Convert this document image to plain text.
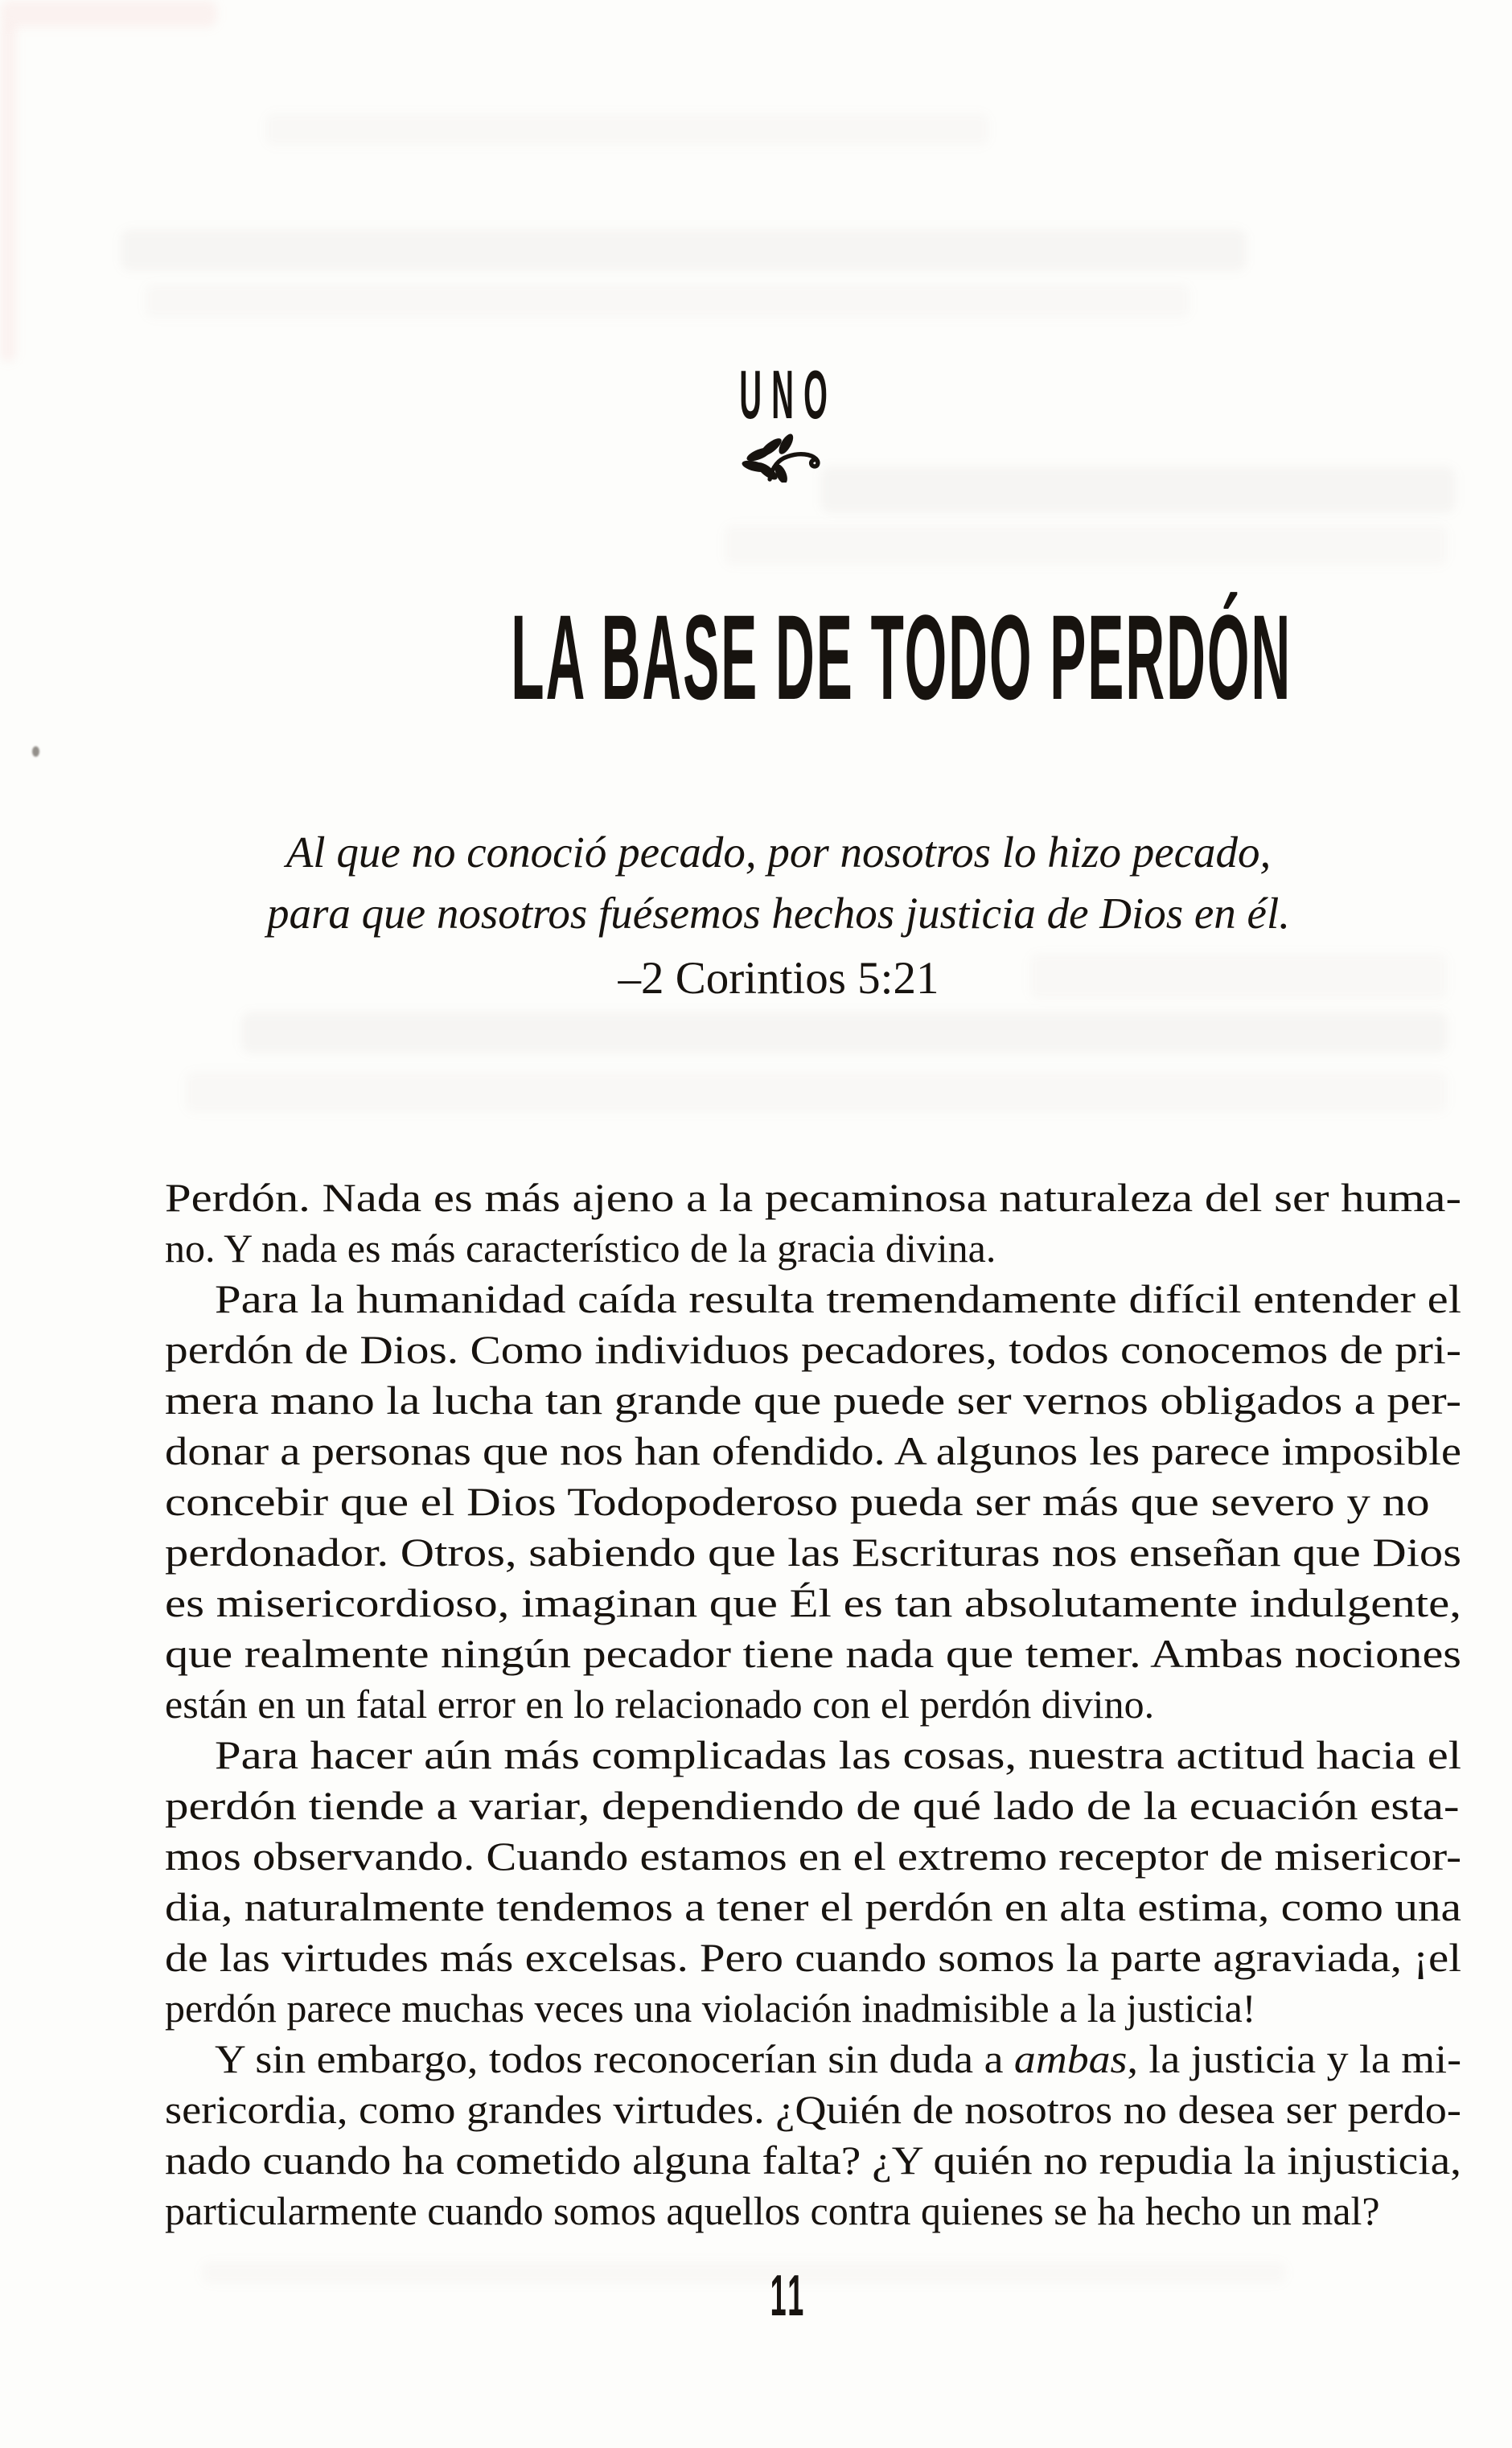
UNO
LA BASE DE TODO PERDÓN
Al que no conoció pecado, por nosotros lo hizo pecado,
para que nosotros fuésemos hechos justicia de Dios en él.
–2 Corintios 5:21
Perdón. Nada es más ajeno a la pecaminosa naturaleza del ser huma-
no. Y nada es más característico de la gracia divina.
Para la humanidad caída resulta tremendamente difícil entender el
perdón de Dios. Como individuos pecadores, todos conocemos de pri-
mera mano la lucha tan grande que puede ser vernos obligados a per-
donar a personas que nos han ofendido. A algunos les parece imposible
concebir que el Dios Todopoderoso pueda ser más que severo y no
perdonador. Otros, sabiendo que las Escrituras nos enseñan que Dios
es misericordioso, imaginan que Él es tan absolutamente indulgente,
que realmente ningún pecador tiene nada que temer. Ambas nociones
están en un fatal error en lo relacionado con el perdón divino.
Para hacer aún más complicadas las cosas, nuestra actitud hacia el
perdón tiende a variar, dependiendo de qué lado de la ecuación esta-
mos observando. Cuando estamos en el extremo receptor de misericor-
dia, naturalmente tendemos a tener el perdón en alta estima, como una
de las virtudes más excelsas. Pero cuando somos la parte agraviada, ¡el
perdón parece muchas veces una violación inadmisible a la justicia!
Y sin embargo, todos reconocerían sin duda a ambas, la justicia y la mi-
sericordia, como grandes virtudes. ¿Quién de nosotros no desea ser perdo-
nado cuando ha cometido alguna falta? ¿Y quién no repudia la injusticia,
particularmente cuando somos aquellos contra quienes se ha hecho un mal?
11
